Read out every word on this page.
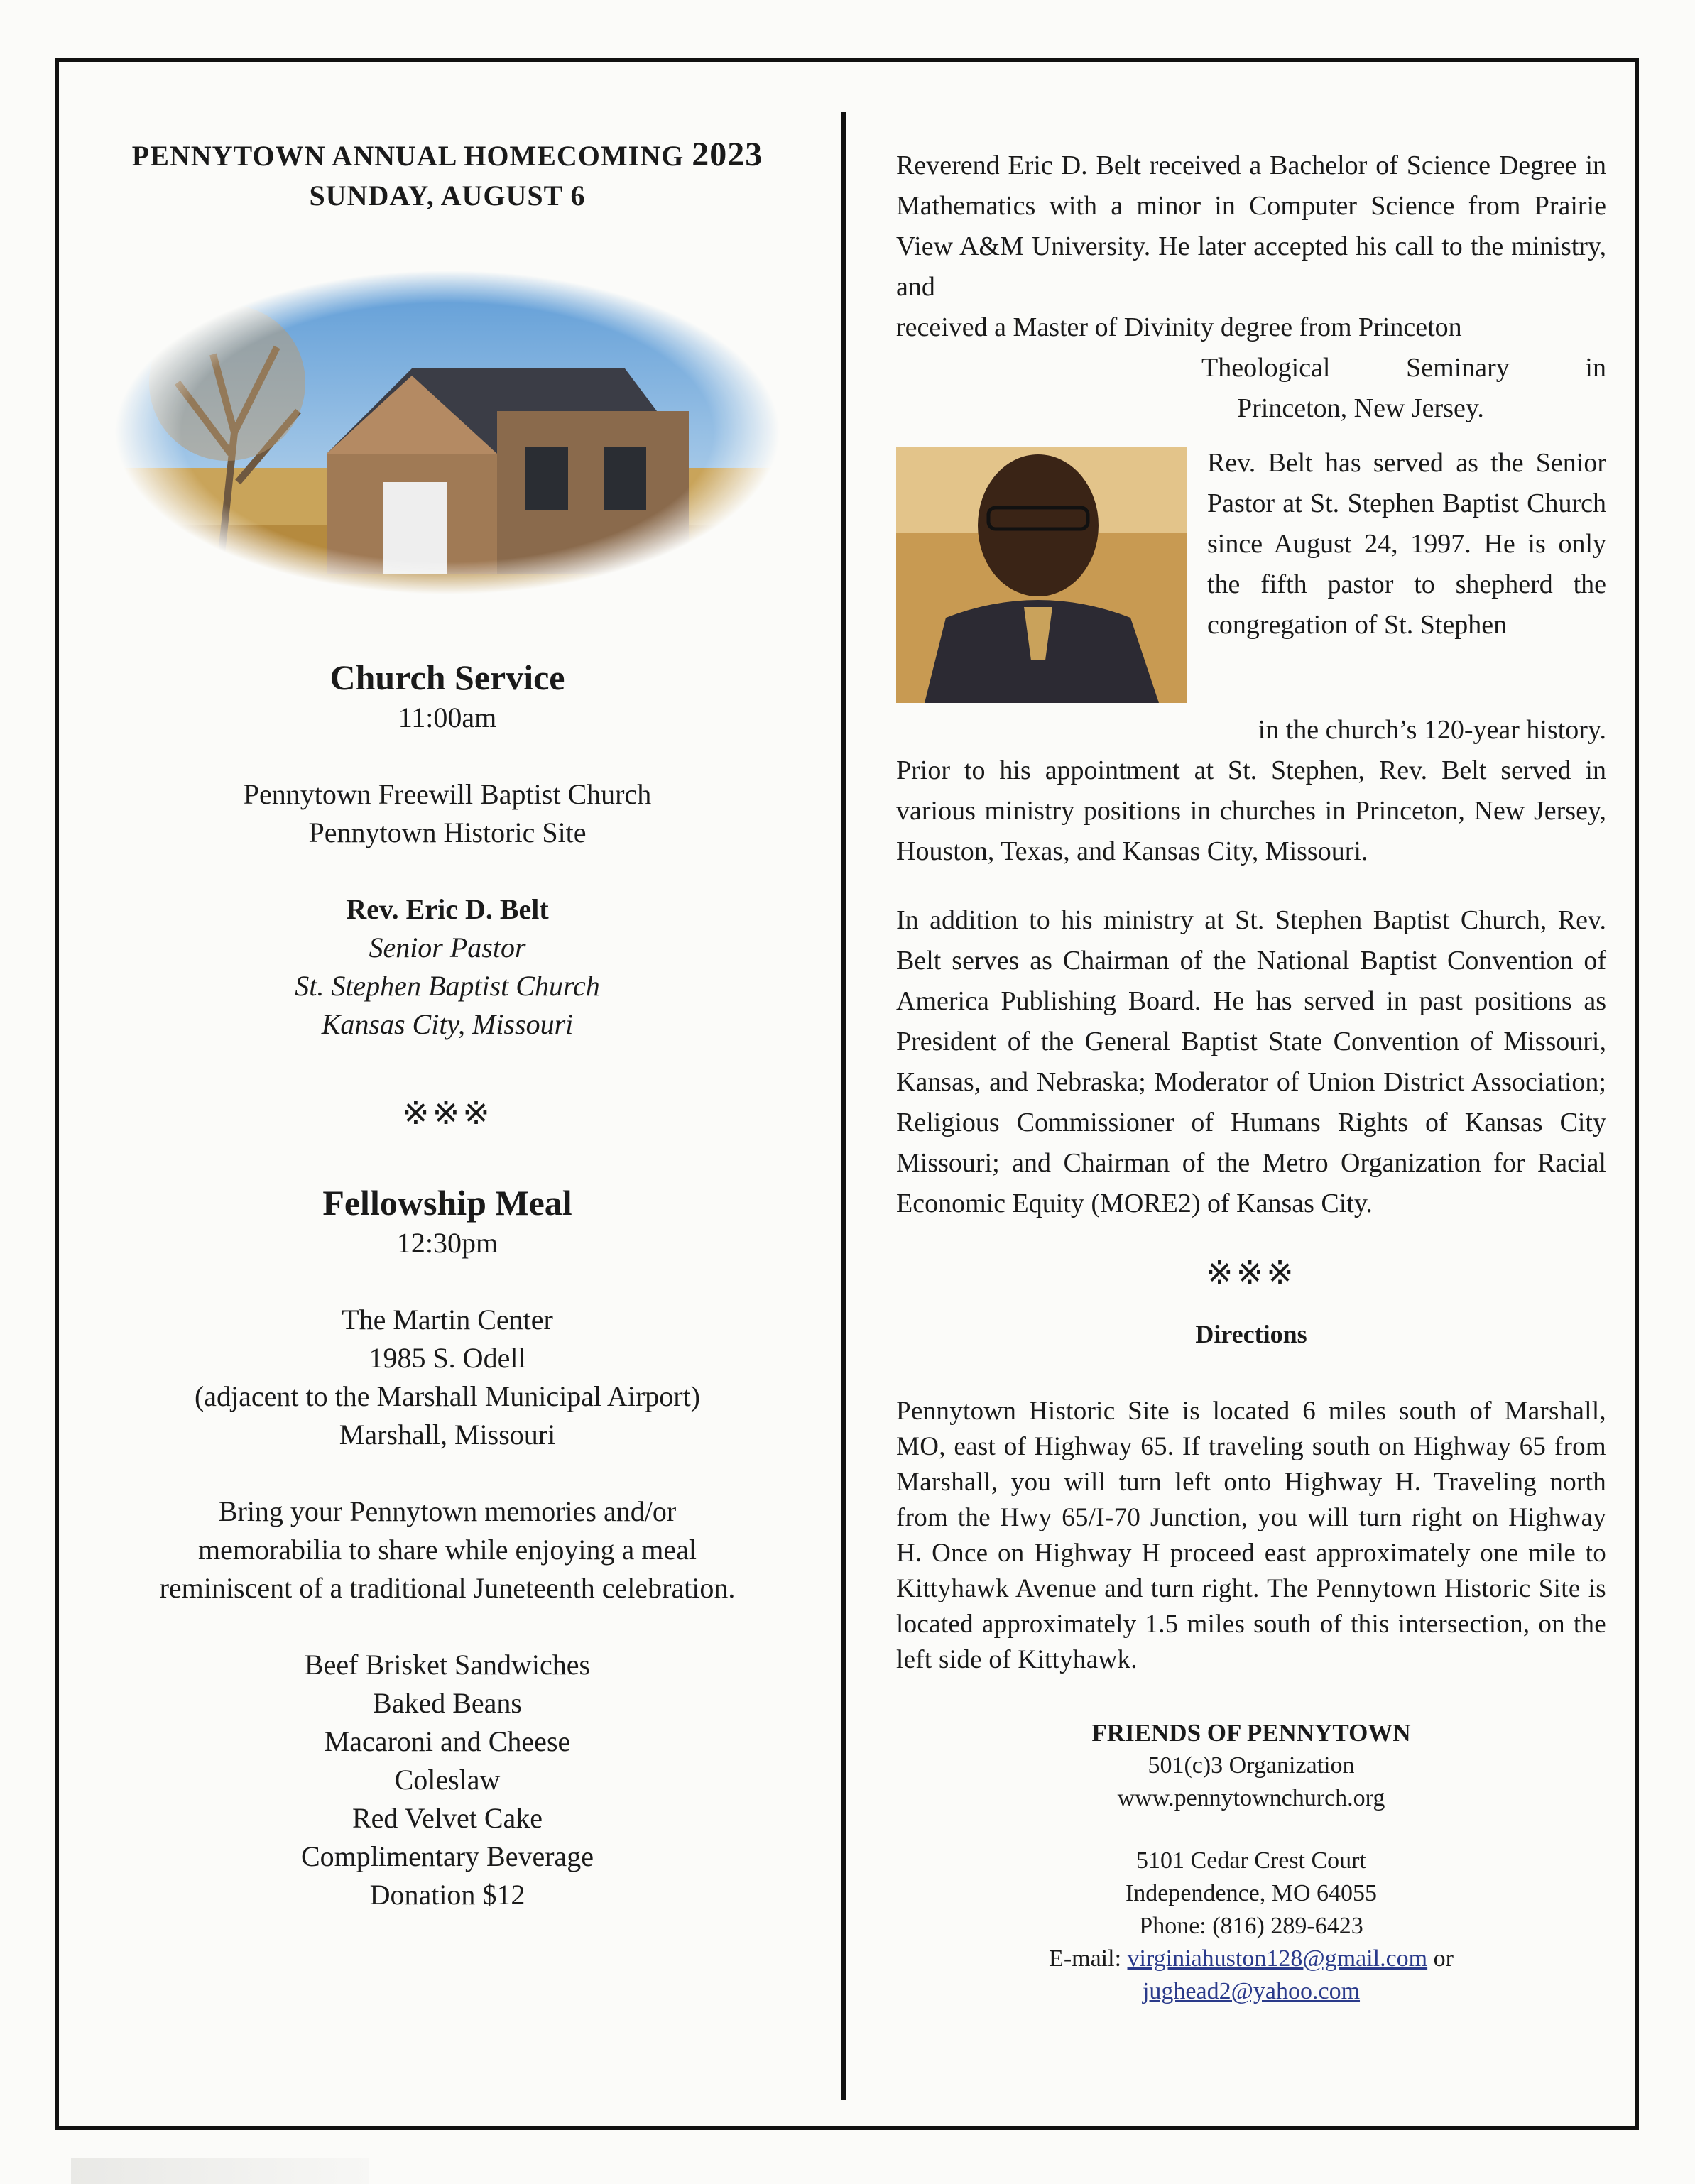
PENNYTOWN ANNUAL HOMECOMING 2023
SUNDAY, AUGUST 6

Church Service
11:00am
Pennytown Freewill Baptist Church
Pennytown Historic Site
Rev. Eric D. Belt
Senior Pastor
St. Stephen Baptist Church
Kansas City, Missouri
※※※
Fellowship Meal
12:30pm
The Martin Center
1985 S. Odell
(adjacent to the Marshall Municipal Airport)
Marshall, Missouri
Bring your Pennytown memories and/or
memorabilia to share while enjoying a meal
reminiscent of a traditional Juneteenth celebration.
Beef Brisket Sandwiches
Baked Beans
Macaroni and Cheese
Coleslaw
Red Velvet Cake
Complimentary Beverage
Donation $12
Reverend Eric D. Belt received a Bachelor of Science Degree in Mathematics with a minor in Computer Science from Prairie View A&M University. He later accepted his call to the ministry, and
received a Master of Divinity degree from Princeton
Theological Seminary in
Princeton, New Jersey.
Rev. Belt has served as the Senior Pastor at St. Stephen Baptist Church since August 24, 1997. He is only the fifth pastor to shepherd the congregation of St. Stephen
in the church’s 120-year history.
Prior to his appointment at St. Stephen, Rev. Belt served in various ministry positions in churches in Princeton, New Jersey, Houston, Texas, and Kansas City, Missouri.
In addition to his ministry at St. Stephen Baptist Church, Rev. Belt serves as Chairman of the National Baptist Convention of America Publishing Board. He has served in past positions as President of the General Baptist State Convention of Missouri, Kansas, and Nebraska; Moderator of Union District Association; Religious Commissioner of Humans Rights of Kansas City Missouri; and Chairman of the Metro Organization for Racial Economic Equity (MORE2) of Kansas City.
※※※
Directions
Pennytown Historic Site is located 6 miles south of Marshall, MO, east of Highway 65. If traveling south on Highway 65 from Marshall, you will turn left onto Highway H. Traveling north from the Hwy 65/I-70 Junction, you will turn right on Highway H. Once on Highway H proceed east approximately one mile to Kittyhawk Avenue and turn right. The Pennytown Historic Site is located approximately 1.5 miles south of this intersection, on the left side of Kittyhawk.
FRIENDS OF PENNYTOWN
501(c)3 Organization
www.pennytownchurch.org
5101 Cedar Crest Court
Independence, MO 64055
Phone: (816) 289-6423
E-mail: virginiahuston128@gmail.com or
jughead2@yahoo.com
